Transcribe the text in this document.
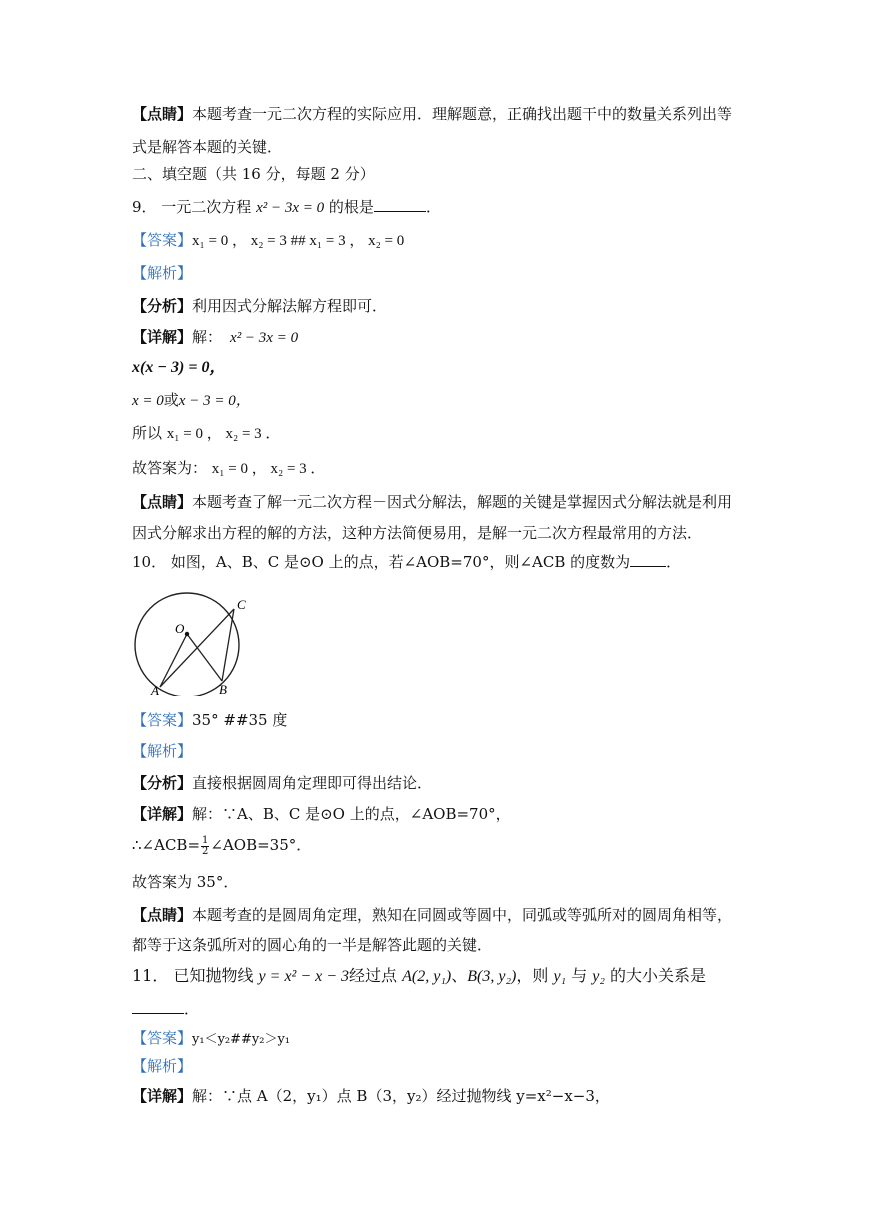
【点睛】本题考查一元二次方程的实际应用．理解题意，正确找出题干中的数量关系列出等
式是解答本题的关键．
二、填空题（共 16 分，每题 2 分）
9． 一元二次方程 x² − 3x = 0 的根是	．
【答案】x₁ = 0 ， x₂ = 3 ## x₁ = 3 ， x₂ = 0
【解析】
【分析】利用因式分解法解方程即可．
【详解】解： x² − 3x = 0
x(x − 3) = 0，
x = 0或x − 3 = 0，
所以 x₁ = 0 ， x₂ = 3 ．
故答案为： x₁ = 0 ， x₂ = 3 ．
【点睛】本题考查了解一元二次方程－因式分解法，解题的关键是掌握因式分解法就是利用
因式分解求出方程的解的方法，这种方法简便易用，是解一元二次方程最常用的方法．
10． 如图，A、B、C 是⊙O 上的点，若∠AOB=70°，则∠ACB 的度数为 ．
O
A	B
C
【答案】35° ##35 度
【解析】
【分析】直接根据圆周角定理即可得出结论．
【详解】解：∵A、B、C 是⊙O 上的点，∠AOB=70°，
∴∠ACB= $\frac{1}{2}$ ∠AOB=35°．
故答案为 35°．
【点睛】本题考查的是圆周角定理，熟知在同圆或等圆中，同弧或等弧所对的圆周角相等，
都等于这条弧所对的圆心角的一半是解答此题的关键．
11． 已知抛物线 y = x² − x − 3经过点 A(2, y₁)、B(3, y₂)，则 y₁ 与 y₂ 的大小关系是
．
【答案】y₁＜y₂##y₂＞y₁
【解析】
【详解】解：∵点 A（2，y₁）点 B（3，y₂）经过抛物线 y=x²−x−3，
